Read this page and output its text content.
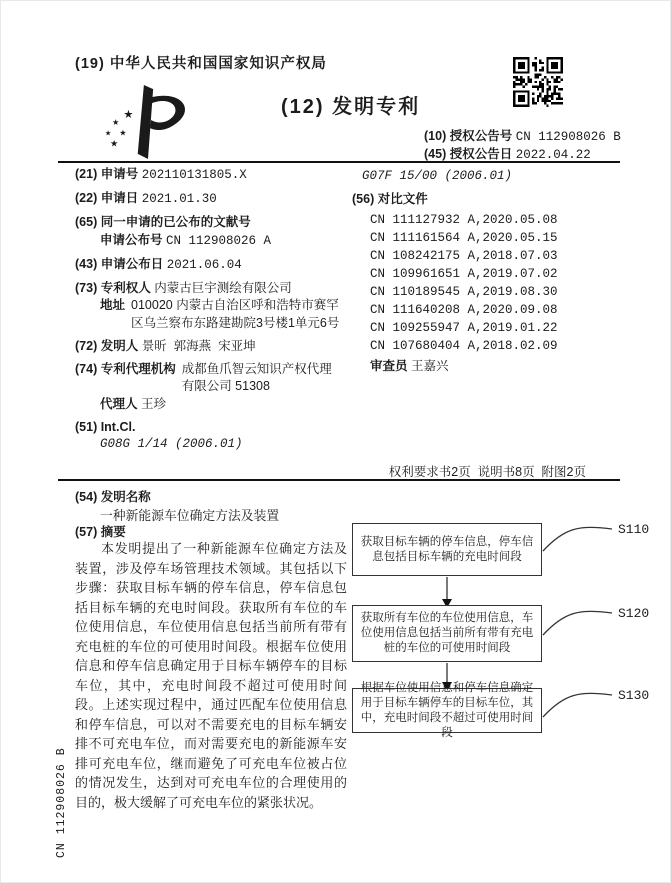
(19) 中华人民共和国国家知识产权局
★
★
★
★
★
(12) 发明专利
(10) 授权公告号 CN 112908026 B
(45) 授权公告日 2022.04.22
(21) 申请号 202110131805.X
(22) 申请日 2021.01.30
(65) 同一申请的已公布的文献号
申请公布号 CN 112908026 A
(43) 申请公布日 2021.06.04
(73) 专利权人 内蒙古巨宇测绘有限公司
地址 010020 内蒙古自治区呼和浩特市赛罕区乌兰察布东路建勘院3号楼1单元6号
(72) 发明人 景昕  郭海燕  宋亚坤
(74) 专利代理机构 成都鱼爪智云知识产权代理有限公司 51308
代理人 王珍
(51) Int.Cl.
G08G 1/14 (2006.01)
G07F 15/00 (2006.01)
(56) 对比文件
CN 111127932 A,2020.05.08
CN 111161564 A,2020.05.15
CN 108242175 A,2018.07.03
CN 109961651 A,2019.07.02
CN 110189545 A,2019.08.30
CN 111640208 A,2020.09.08
CN 109255947 A,2019.01.22
CN 107680404 A,2018.02.09
审查员 王嘉兴
权利要求书2页  说明书8页  附图2页
(54) 发明名称
一种新能源车位确定方法及装置
(57) 摘要
本发明提出了一种新能源车位确定方法及装置，涉及停车场管理技术领域。其包括以下步骤：获取目标车辆的停车信息，停车信息包括目标车辆的充电时间段。获取所有车位的车位使用信息，车位使用信息包括当前所有带有充电桩的车位的可使用时间段。根据车位使用信息和停车信息确定用于目标车辆停车的目标车位，其中，充电时间段不超过可使用时间段。上述实现过程中，通过匹配车位使用信息和停车信息，可以对不需要充电的目标车辆安排不可充电车位，而对需要充电的新能源车安排可充电车位，继而避免了可充电车位被占位的情况发生，达到对可充电车位的合理使用的目的，极大缓解了可充电车位的紧张状况。
获取目标车辆的停车信息，停车信息包括目标车辆的充电时间段
获取所有车位的车位使用信息，车位使用信息包括当前所有带有充电桩的车位的可使用时间段
根据车位使用信息和停车信息确定用于目标车辆停车的目标车位，其中，充电时间段不超过可使用时间段
S110
S120
S130
CN 112908026 B
